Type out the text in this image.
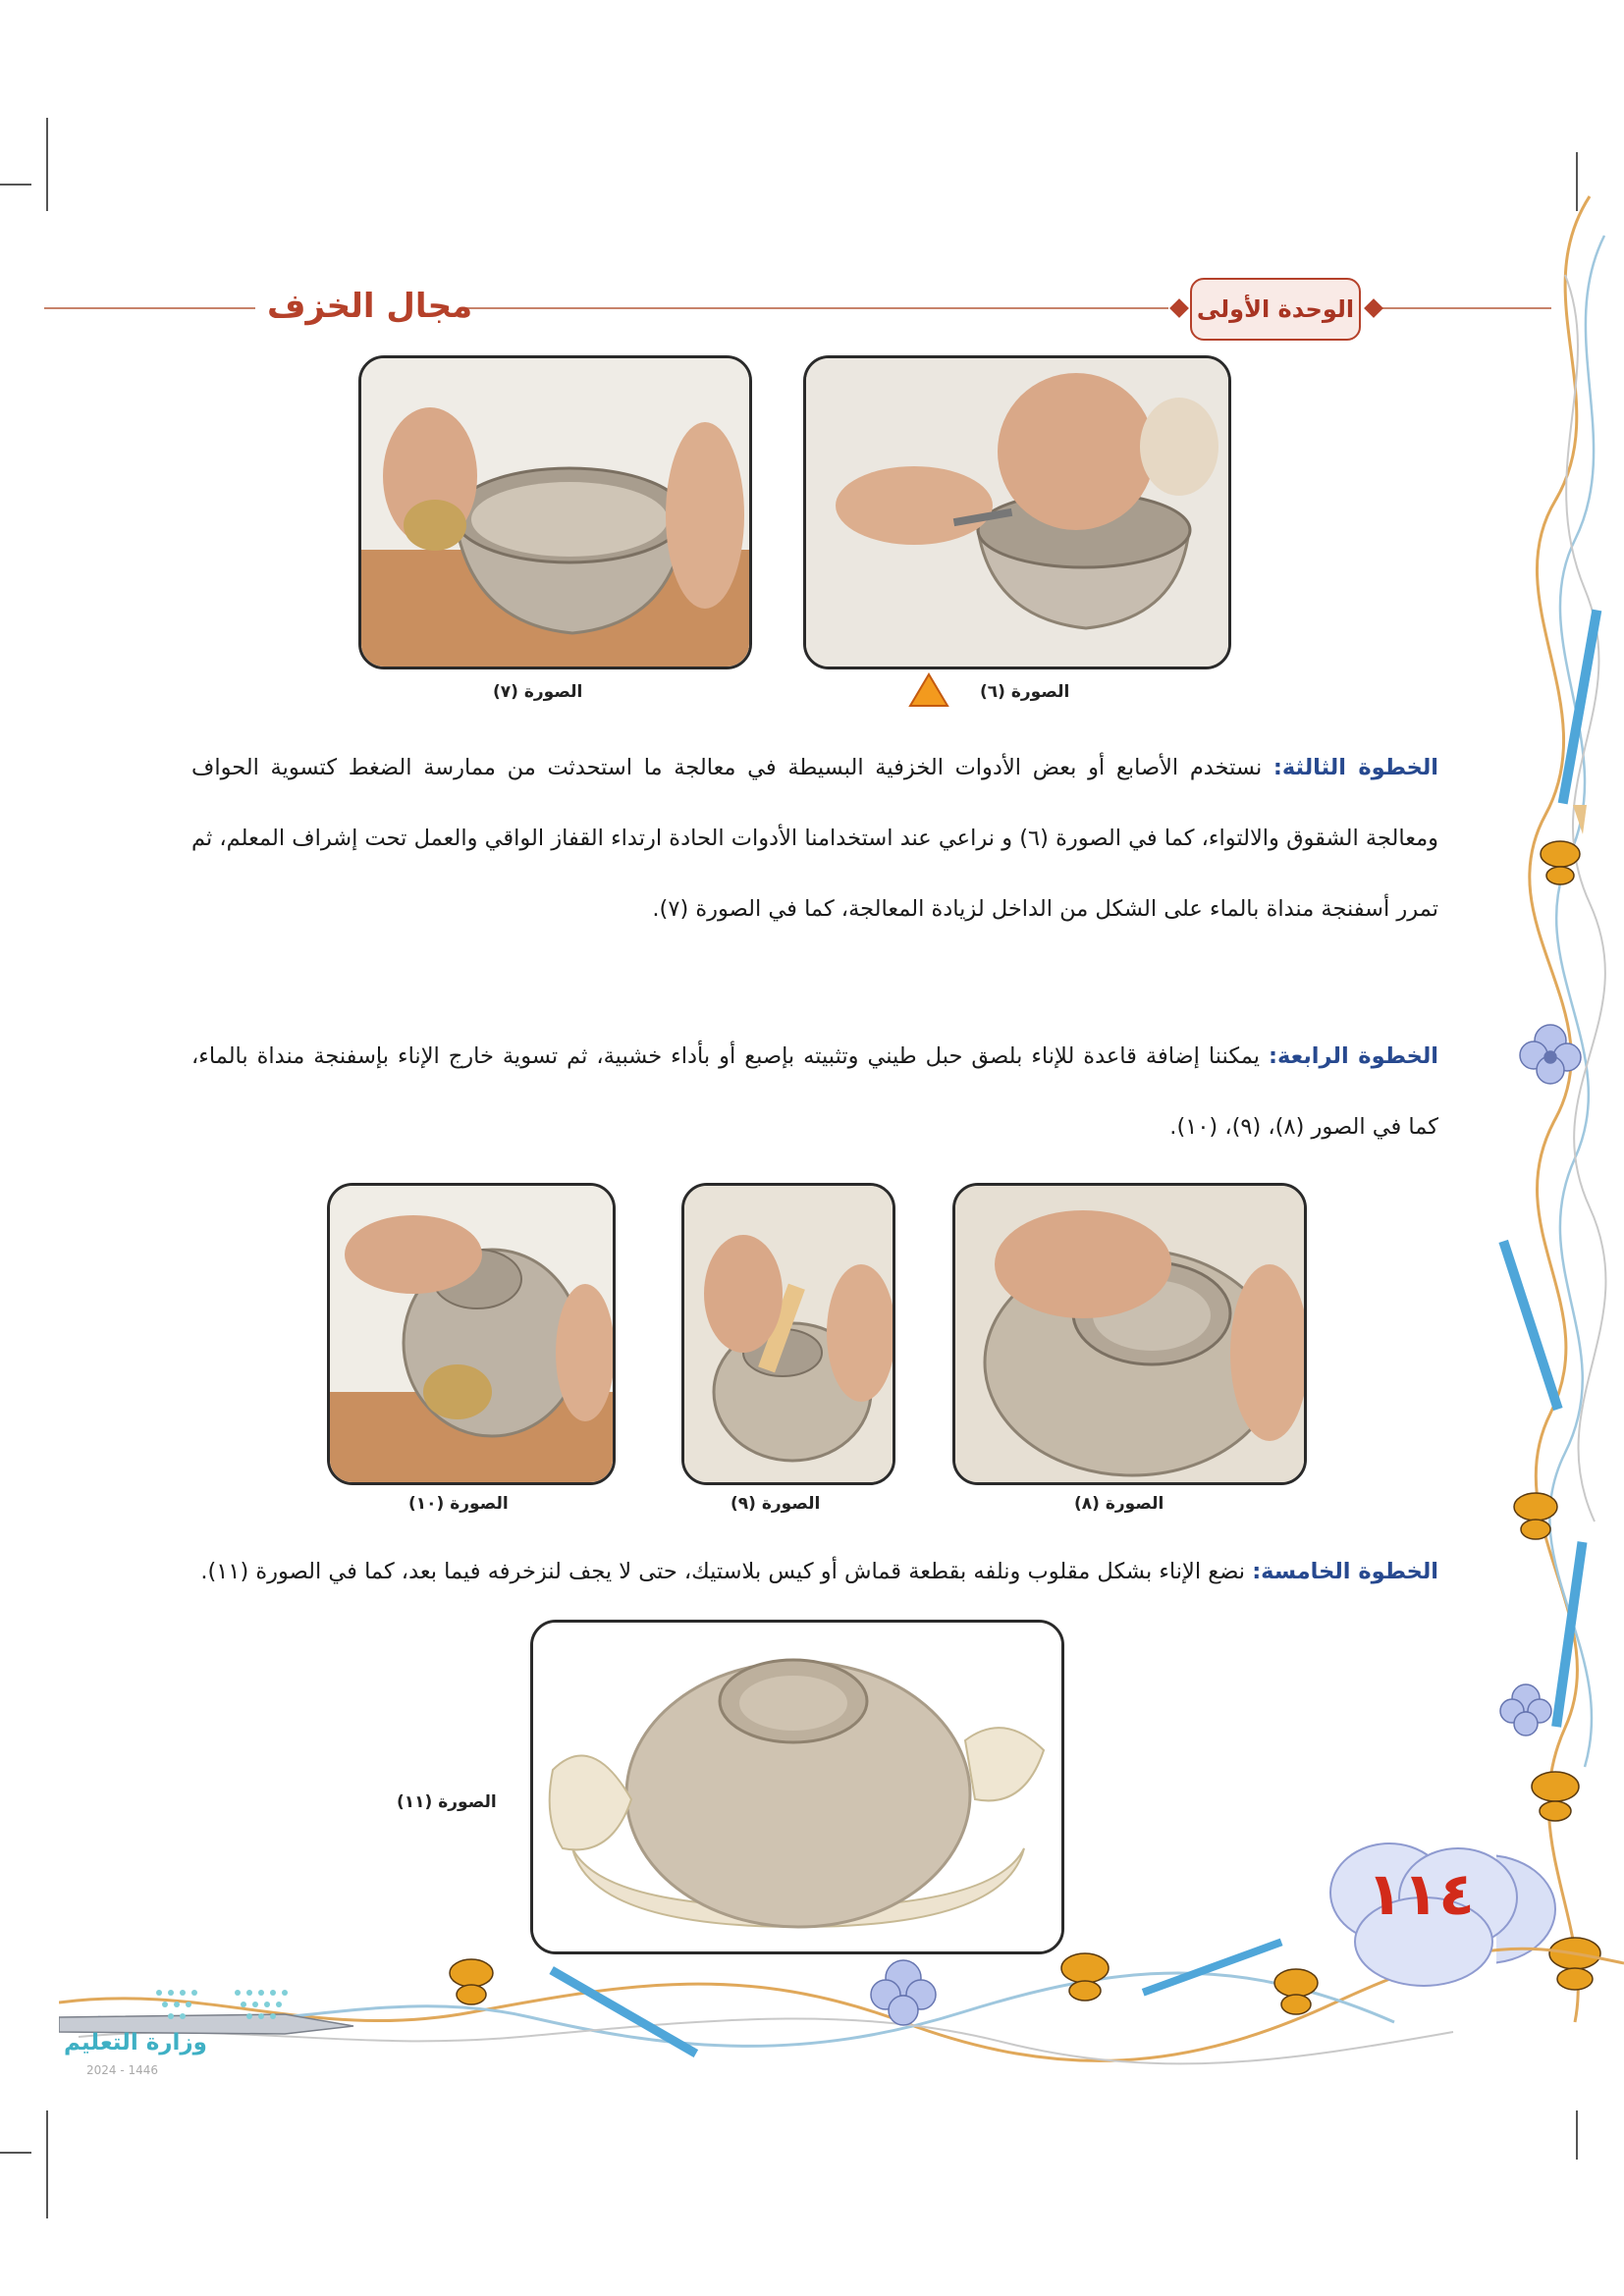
مجال الخزف	الوحدة الأولى
الصورة (٧)	الصورة (٦)
الخطوة الثالثة: نستخدم الأصابع أو بعض الأدوات الخزفية البسيطة في معالجة ما استحدثت من ممارسة الضغط كتسوية الحواف ومعالجة الشقوق والالتواء، كما في الصورة (٦) و نراعي عند استخدامنا الأدوات الحادة ارتداء القفاز الواقي والعمل تحت إشراف المعلم، ثم تمرر أسفنجة منداة بالماء على الشكل من الداخل لزيادة المعالجة، كما في الصورة (٧).
الخطوة الرابعة: يمكننا إضافة قاعدة للإناء بلصق حبل طيني وتثبيته بإصبع أو بأداء خشبية، ثم تسوية خارج الإناء بإسفنجة منداة بالماء، كما في الصور (٨)، (٩)، (١٠).
الصورة (١٠)	الصورة (٩)	الصورة (٨)
الخطوة الخامسة: نضع الإناء بشكل مقلوب ونلفه بقطعة قماش أو كيس بلاستيك، حتى لا يجف لنزخرفه فيما بعد، كما في الصورة (١١).
الصورة (١١)
١١٤
وزارة التعليم
2024 - 1446
